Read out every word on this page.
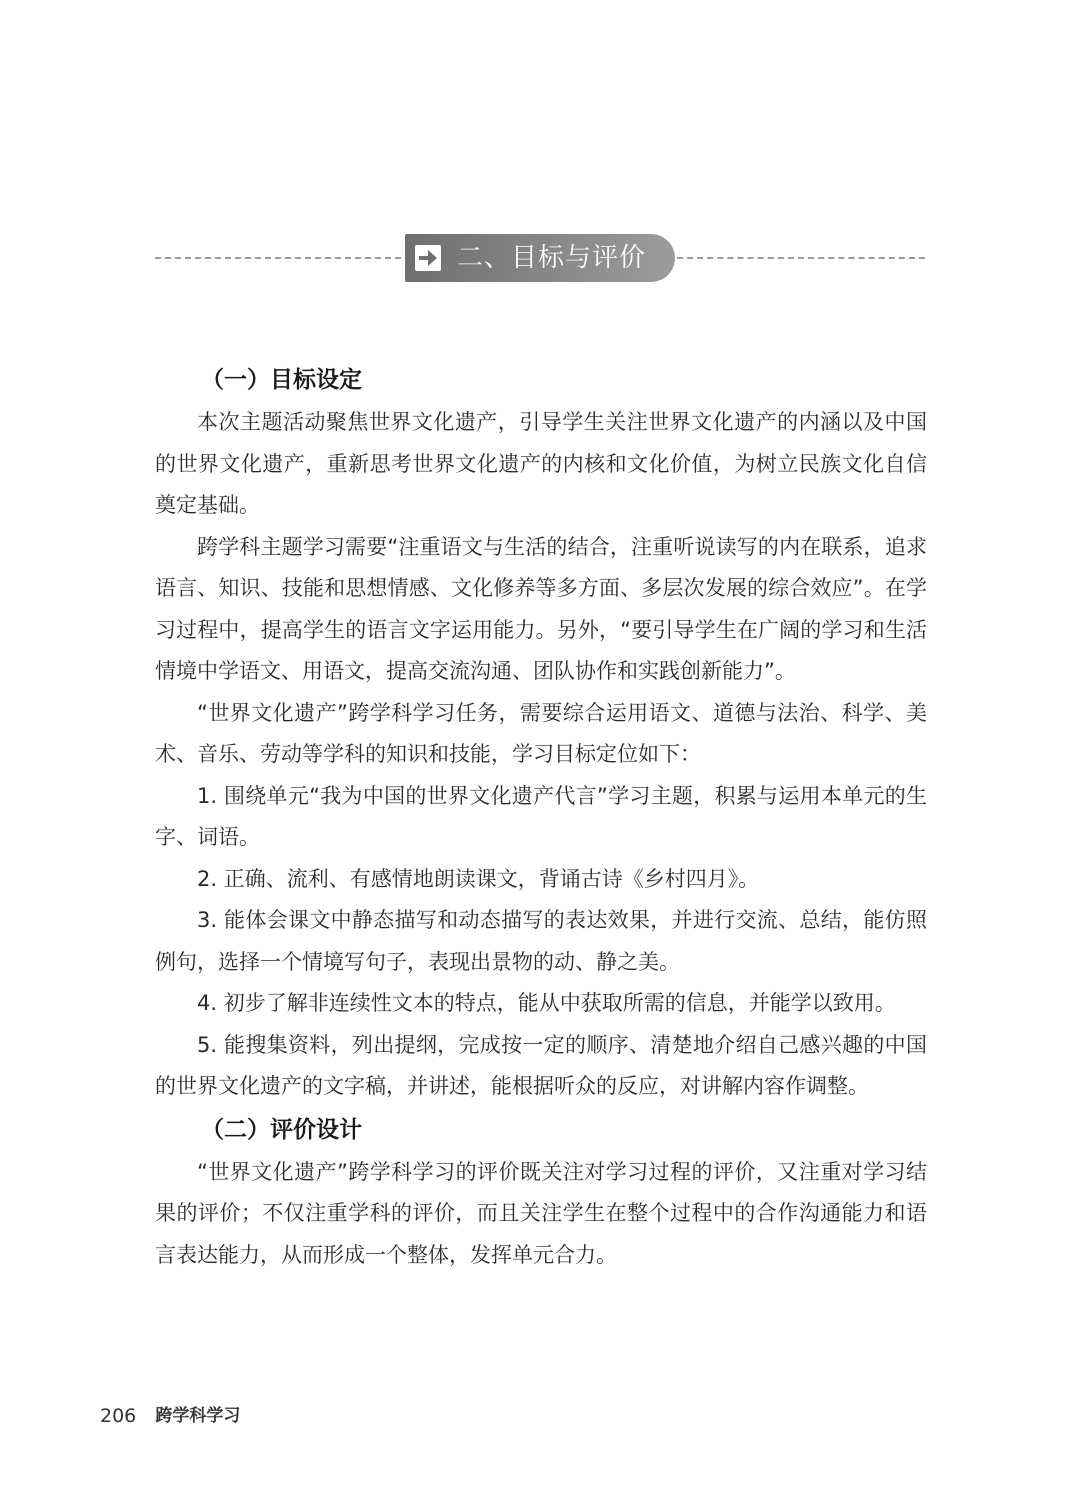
二、目标与评价
（一）目标设定

本次主题活动聚焦世界文化遗产，引导学生关注世界文化遗产的内涵以及中国的世界文化遗产，重新思考世界文化遗产的内核和文化价值，为树立民族文化自信奠定基础。

跨学科主题学习需要“注重语文与生活的结合，注重听说读写的内在联系，追求语言、知识、技能和思想情感、文化修养等多方面、多层次发展的综合效应”。在学习过程中，提高学生的语言文字运用能力。另外，“要引导学生在广阔的学习和生活情境中学语文、用语文，提高交流沟通、团队协作和实践创新能力”。

“世界文化遗产”跨学科学习任务，需要综合运用语文、道德与法治、科学、美术、音乐、劳动等学科的知识和技能，学习目标定位如下：

1. 围绕单元“我为中国的世界文化遗产代言”学习主题，积累与运用本单元的生字、词语。

2. 正确、流利、有感情地朗读课文，背诵古诗《乡村四月》。

3. 能体会课文中静态描写和动态描写的表达效果，并进行交流、总结，能仿照例句，选择一个情境写句子，表现出景物的动、静之美。

4. 初步了解非连续性文本的特点，能从中获取所需的信息，并能学以致用。

5. 能搜集资料，列出提纲，完成按一定的顺序、清楚地介绍自己感兴趣的中国的世界文化遗产的文字稿，并讲述，能根据听众的反应，对讲解内容作调整。

（二）评价设计

“世界文化遗产”跨学科学习的评价既关注对学习过程的评价，又注重对学习结果的评价；不仅注重学科的评价，而且关注学生在整个过程中的合作沟通能力和语言表达能力，从而形成一个整体，发挥单元合力。

206 跨学科学习
